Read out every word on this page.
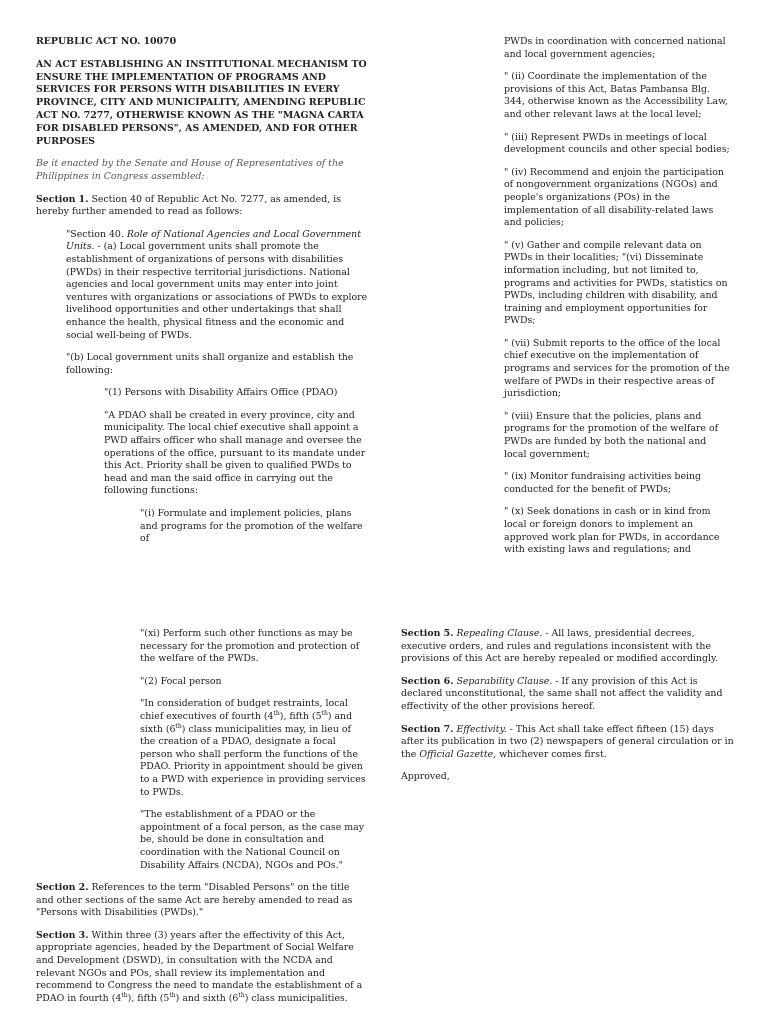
REPUBLIC ACT NO. 10070
AN ACT ESTABLISHING AN INSTITUTIONAL MECHANISM TO ENSURE THE IMPLEMENTATION OF PROGRAMS AND SERVICES FOR PERSONS WITH DISABILITIES IN EVERY PROVINCE, CITY AND MUNICIPALITY, AMENDING REPUBLIC ACT NO. 7277, OTHERWISE KNOWN AS THE "MAGNA CARTA FOR DISABLED PERSONS", AS AMENDED, AND FOR OTHER PURPOSES
Be it enacted by the Senate and House of Representatives of the Philippines in Congress assembled:
Section 1. Section 40 of Republic Act No. 7277, as amended, is hereby further amended to read as follows:
"Section 40. Role of National Agencies and Local Government Units. - (a) Local government units shall promote the establishment of organizations of persons with disabilities (PWDs) in their respective territorial jurisdictions. National agencies and local government units may enter into joint ventures with organizations or associations of PWDs to explore livelihood opportunities and other undertakings that shall enhance the health, physical fitness and the economic and social well-being of PWDs.
"(b) Local government units shall organize and establish the following:
"(1) Persons with Disability Affairs Office (PDAO)
"A PDAO shall be created in every province, city and municipality. The local chief executive shall appoint a PWD affairs officer who shall manage and oversee the operations of the office, pursuant to its mandate under this Act. Priority shall be given to qualified PWDs to head and man the said office in carrying out the following functions:
"(i) Formulate and implement policies, plans and programs for the promotion of the welfare of
PWDs in coordination with concerned national and local government agencies;
" (ii) Coordinate the implementation of the provisions of this Act, Batas Pambansa Blg. 344, otherwise known as the Accessibility Law, and other relevant laws at the local level;
" (iii) Represent PWDs in meetings of local development councils and other special bodies;
" (iv) Recommend and enjoin the participation of nongovernment organizations (NGOs) and people's organizations (POs) in the implementation of all disability-related laws and policies;
" (v) Gather and compile relevant data on PWDs in their localities; "(vi) Disseminate information including, but not limited to, programs and activities for PWDs, statistics on PWDs, including children with disability, and training and employment opportunities for PWDs;
" (vii) Submit reports to the office of the local chief executive on the implementation of programs and services for the promotion of the welfare of PWDs in their respective areas of jurisdiction;
" (viii) Ensure that the policies, plans and programs for the promotion of the welfare of PWDs are funded by both the national and local government;
" (ix) Monitor fundraising activities being conducted for the benefit of PWDs;
" (x) Seek donations in cash or in kind from local or foreign donors to implement an approved work plan for PWDs, in accordance with existing laws and regulations; and
"(xi) Perform such other functions as may be necessary for the promotion and protection of the welfare of the PWDs.
"(2) Focal person
"In consideration of budget restraints, local chief executives of fourth (4th), fifth (5th) and sixth (6th) class municipalities may, in lieu of the creation of a PDAO, designate a focal person who shall perform the functions of the PDAO. Priority in appointment should be given to a PWD with experience in providing services to PWDs.
"The establishment of a PDAO or the appointment of a focal person, as the case may be, should be done in consultation and coordination with the National Council on Disability Affairs (NCDA), NGOs and POs."
Section 2. References to the term "Disabled Persons" on the title and other sections of the same Act are hereby amended to read as "Persons with Disabilities (PWDs)."
Section 3. Within three (3) years after the effectivity of this Act, appropriate agencies, headed by the Department of Social Welfare and Development (DSWD), in consultation with the NCDA and relevant NGOs and POs, shall review its implementation and recommend to Congress the need to mandate the establishment of a PDAO in fourth (4th), fifth (5th) and sixth (6th) class municipalities.
Section 5. Repealing Clause. - All laws, presidential decrees, executive orders, and rules and regulations inconsistent with the provisions of this Act are hereby repealed or modified accordingly.
Section 6. Separability Clause. - If any provision of this Act is declared unconstitutional, the same shall not affect the validity and effectivity of the other provisions hereof.
Section 7. Effectivity. - This Act shall take effect fifteen (15) days after its publication in two (2) newspapers of general circulation or in the Official Gazette, whichever comes first.
Approved,
